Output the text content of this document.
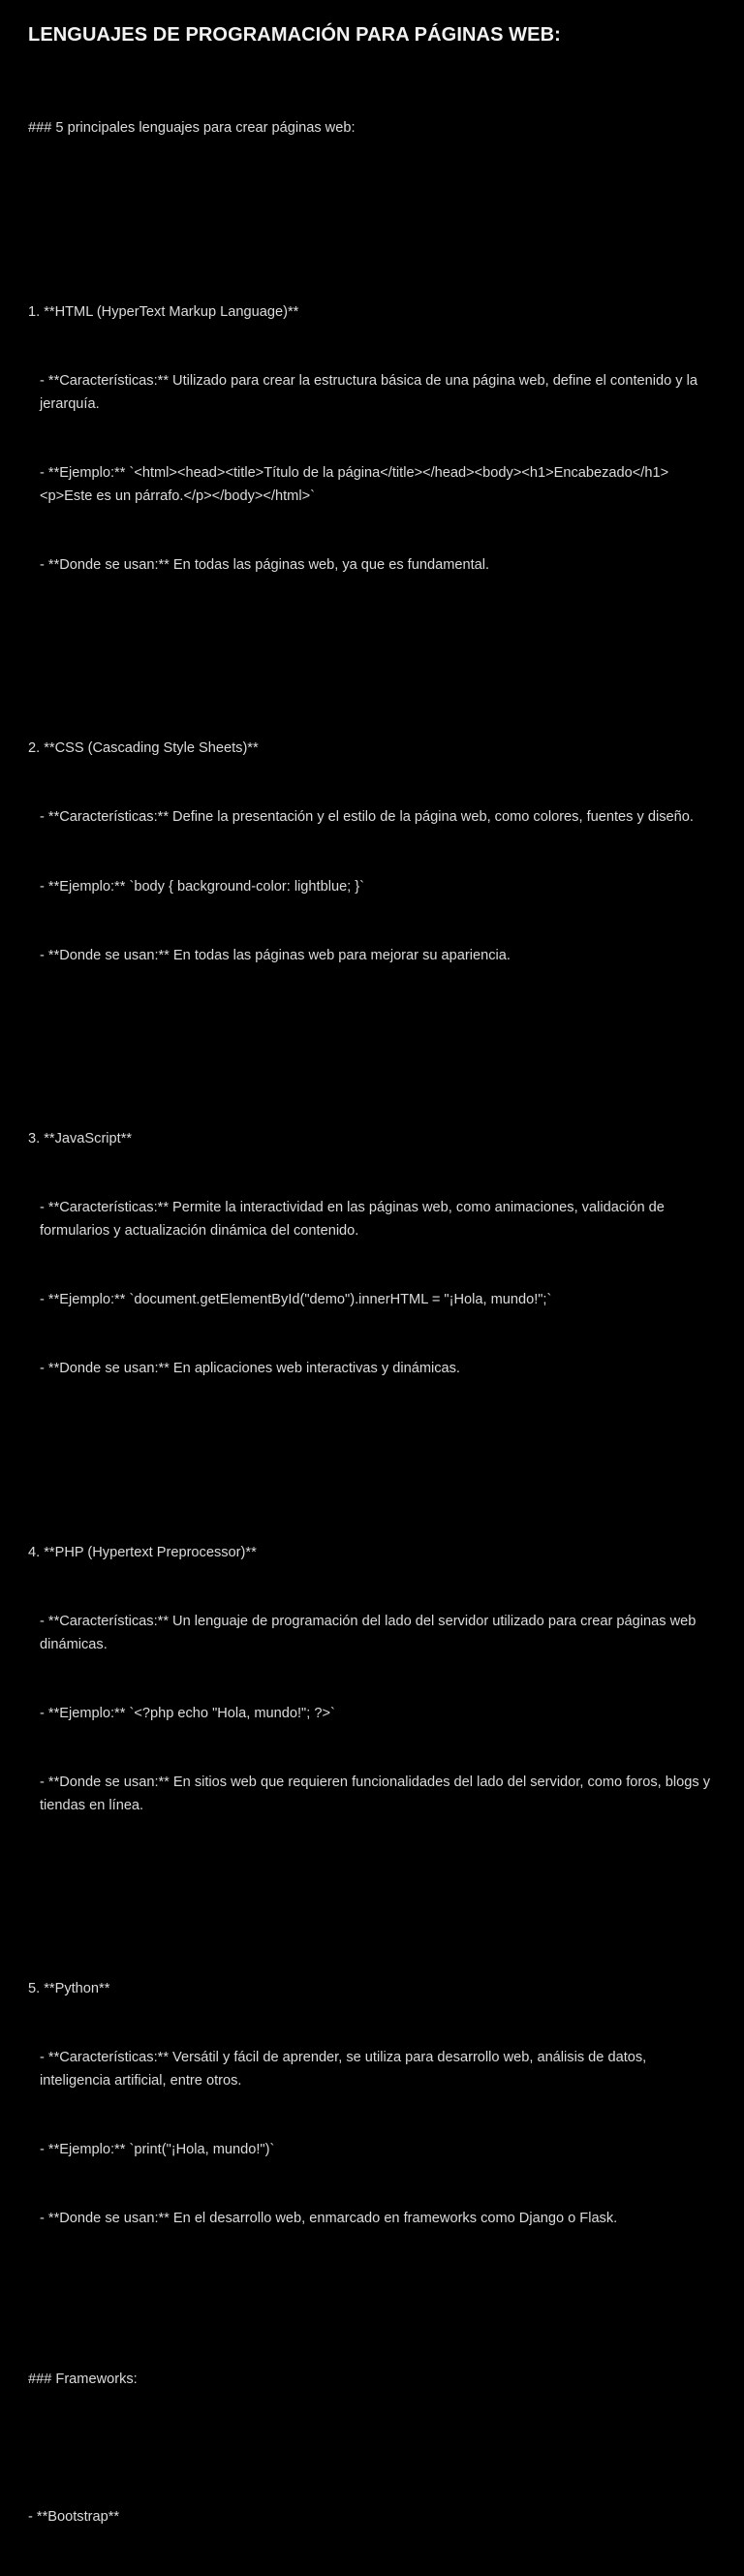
LENGUAJES DE PROGRAMACIÓN PARA PÁGINAS WEB:

### 5 principales lenguajes para crear páginas web:

1. **HTML (HyperText Markup Language)**

- **Características:** Utilizado para crear la estructura básica de una página web, define el contenido y la jerarquía.

- **Ejemplo:** `<html><head><title>Título de la página</title></head><body><h1>Encabezado</h1><p>Este es un párrafo.</p></body></html>`

- **Donde se usan:** En todas las páginas web, ya que es fundamental.

2. **CSS (Cascading Style Sheets)**

- **Características:** Define la presentación y el estilo de la página web, como colores, fuentes y diseño.

- **Ejemplo:** `body { background-color: lightblue; }`

- **Donde se usan:** En todas las páginas web para mejorar su apariencia.

3. **JavaScript**

- **Características:** Permite la interactividad en las páginas web, como animaciones, validación de formularios y actualización dinámica del contenido.

- **Ejemplo:** `document.getElementById("demo").innerHTML = "¡Hola, mundo!";`

- **Donde se usan:** En aplicaciones web interactivas y dinámicas.

4. **PHP (Hypertext Preprocessor)**

- **Características:** Un lenguaje de programación del lado del servidor utilizado para crear páginas web dinámicas.

- **Ejemplo:** `<?php echo "Hola, mundo!"; ?>`

- **Donde se usan:** En sitios web que requieren funcionalidades del lado del servidor, como foros, blogs y tiendas en línea.

5. **Python**

- **Características:** Versátil y fácil de aprender, se utiliza para desarrollo web, análisis de datos, inteligencia artificial, entre otros.

- **Ejemplo:** `print("¡Hola, mundo!")`

- **Donde se usan:** En el desarrollo web, enmarcado en frameworks como Django o Flask.

### Frameworks:

- **Bootstrap**
